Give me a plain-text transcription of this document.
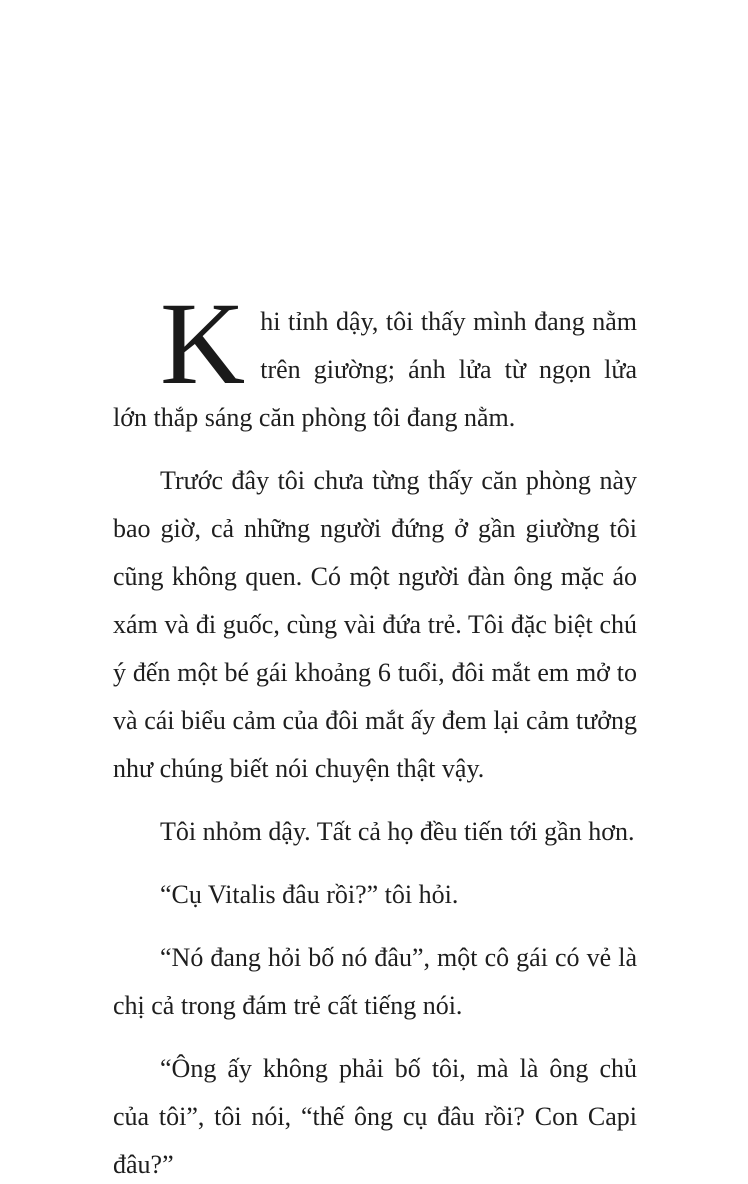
Khi tỉnh dậy, tôi thấy mình đang nằm trên giường; ánh lửa từ ngọn lửa lớn thắp sáng căn phòng tôi đang nằm.

Trước đây tôi chưa từng thấy căn phòng này bao giờ, cả những người đứng ở gần giường tôi cũng không quen. Có một người đàn ông mặc áo xám và đi guốc, cùng vài đứa trẻ. Tôi đặc biệt chú ý đến một bé gái khoảng 6 tuổi, đôi mắt em mở to và cái biểu cảm của đôi mắt ấy đem lại cảm tưởng như chúng biết nói chuyện thật vậy.

Tôi nhỏm dậy. Tất cả họ đều tiến tới gần hơn.

“Cụ Vitalis đâu rồi?” tôi hỏi.

“Nó đang hỏi bố nó đâu”, một cô gái có vẻ là chị cả trong đám trẻ cất tiếng nói.

“Ông ấy không phải bố tôi, mà là ông chủ của tôi”, tôi nói, “thế ông cụ đâu rồi? Con Capi đâu?”
